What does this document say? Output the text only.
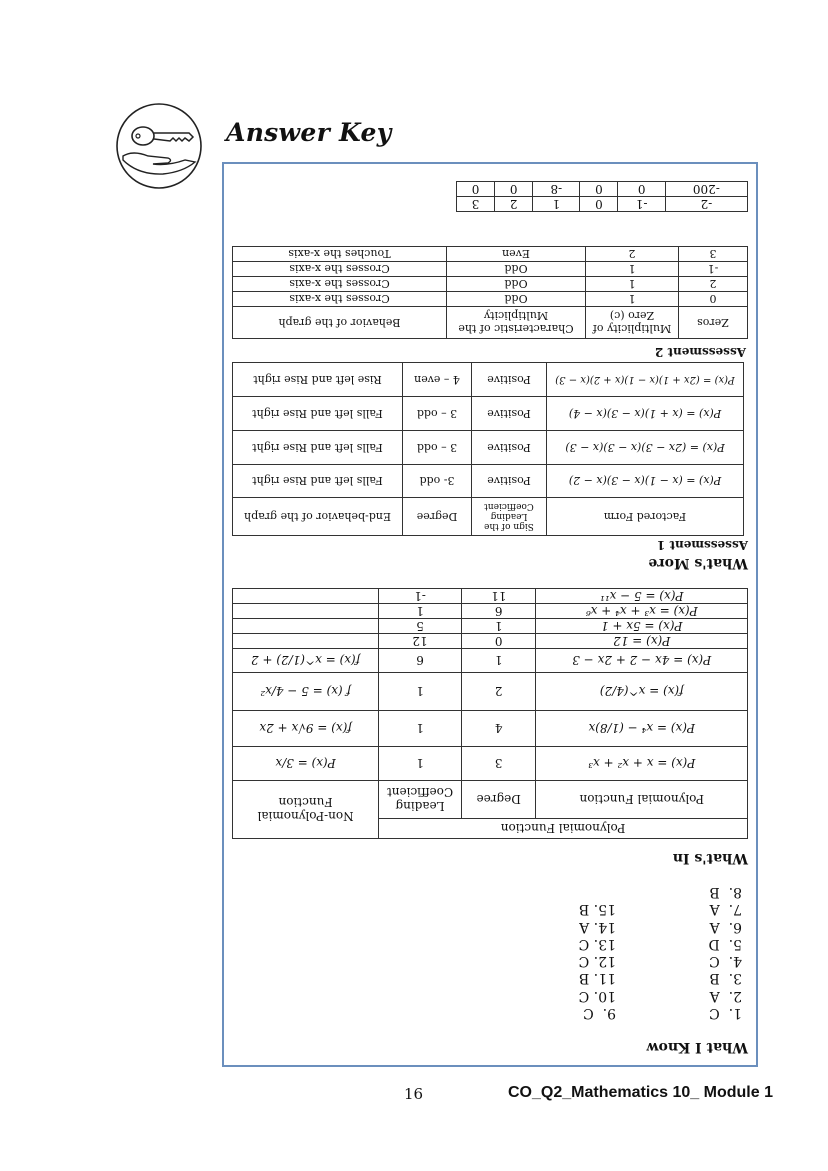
Answer Key
What I Know
1.  C
2.  A
3.  B
4.  C
5.  D
6.  A
7.  A
8.  B
9.  C
10. C
11. B
12. C
13. C
14. A
15. B
What's In
Polynomial Function			Non-Polynomial Function
Polynomial Function	Degree	Leading Coefficient	
P(x) = x + x² + x³	3	1	P(x) = 3/x
P(x) = x⁴ − (1/8)x	4	1	f(x) = 9√x + 2x
f(x) = x^(4/2)	2	1	f (x) = 5 − 4/x²
P(x) = 4x − 2 + 2x − 3	1	6	f(x) = x^(1/2) + 2
P(x) = 12	0	12	
P(x) = 5x + 1	1	5	
P(x) = x³ + x⁴ + x⁶	6	1	
P(x) = 5 − x¹¹	11	-1	
What's More
Assessment 1
Factored Form	Sign of the Leading Coefficient	Degree	End-behavior of the graph
P(x) = (x − 1)(x − 3)(x − 2)	Positive	3- odd	Falls left and Rise right
P(x) = (2x − 3)(x − 3)(x − 3)	Positive	3 – odd	Falls left and Rise right
P(x) = (x + 1)(x − 3)(x − 4)	Positive	3 – odd	Falls left and Rise right
P(x) = (2x + 1)(x − 1)(x + 2)(x − 3)	Positive	4 – even	Rise left and Rise right
Assessment 2
Zeros	Multiplicity of Zero (c)	Characteristic of the Multiplicity	Behavior of the graph
0	1	Odd	Crosses the x-axis
2	1	Odd	Crosses the x-axis
-1	1	Odd	Crosses the x-axis
3	2	Even	Touches the x-axis
-2	-1	0	1	2	3
-200	0	0	-8	0	0
16	CO_Q2_Mathematics 10_ Module 1
